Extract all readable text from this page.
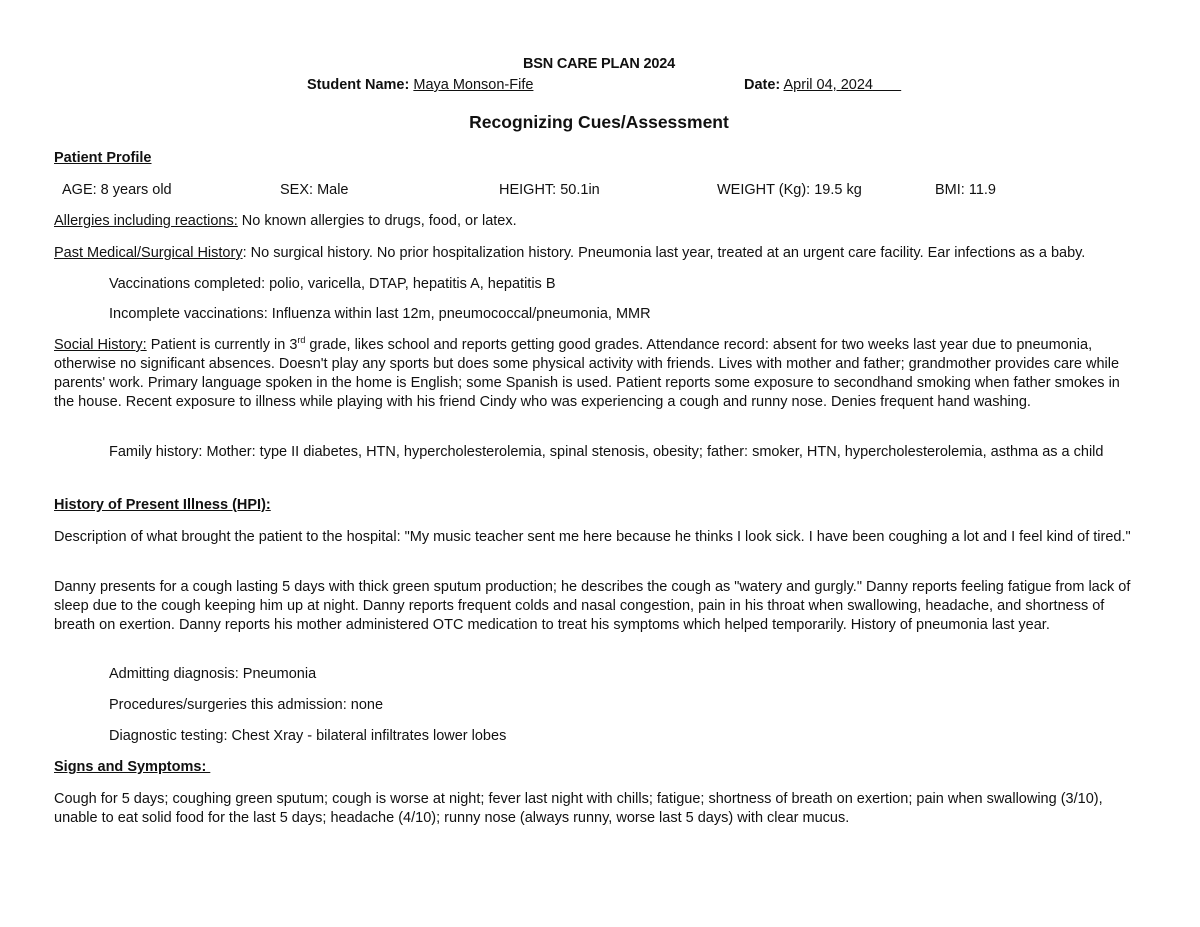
BSN CARE PLAN 2024
Student Name: Maya Monson-Fife	Date: April 04, 2024
Recognizing Cues/Assessment
Patient Profile
AGE: 8 years old	SEX: Male	HEIGHT: 50.1in	WEIGHT (Kg): 19.5 kg	BMI: 11.9
Allergies including reactions: No known allergies to drugs, food, or latex.
Past Medical/Surgical History: No surgical history. No prior hospitalization history. Pneumonia last year, treated at an urgent care facility. Ear infections as a baby.
Vaccinations completed: polio, varicella, DTAP, hepatitis A, hepatitis B
Incomplete vaccinations: Influenza within last 12m, pneumococcal/pneumonia, MMR
Social History: Patient is currently in 3rd grade, likes school and reports getting good grades. Attendance record: absent for two weeks last year due to pneumonia, otherwise no significant absences. Doesn't play any sports but does some physical activity with friends. Lives with mother and father; grandmother provides care while parents' work. Primary language spoken in the home is English; some Spanish is used. Patient reports some exposure to secondhand smoking when father smokes in the house. Recent exposure to illness while playing with his friend Cindy who was experiencing a cough and runny nose. Denies frequent hand washing.
Family history: Mother: type II diabetes, HTN, hypercholesterolemia, spinal stenosis, obesity; father: smoker, HTN, hypercholesterolemia, asthma as a child
History of Present Illness (HPI):
Description of what brought the patient to the hospital: "My music teacher sent me here because he thinks I look sick. I have been coughing a lot and I feel kind of tired."
Danny presents for a cough lasting 5 days with thick green sputum production; he describes the cough as "watery and gurgly." Danny reports feeling fatigue from lack of sleep due to the cough keeping him up at night. Danny reports frequent colds and nasal congestion, pain in his throat when swallowing, headache, and shortness of breath on exertion. Danny reports his mother administered OTC medication to treat his symptoms which helped temporarily. History of pneumonia last year.
Admitting diagnosis: Pneumonia
Procedures/surgeries this admission: none
Diagnostic testing: Chest Xray - bilateral infiltrates lower lobes
Signs and Symptoms:
Cough for 5 days; coughing green sputum; cough is worse at night; fever last night with chills; fatigue; shortness of breath on exertion; pain when swallowing (3/10), unable to eat solid food for the last 5 days; headache (4/10); runny nose (always runny, worse last 5 days) with clear mucus.
